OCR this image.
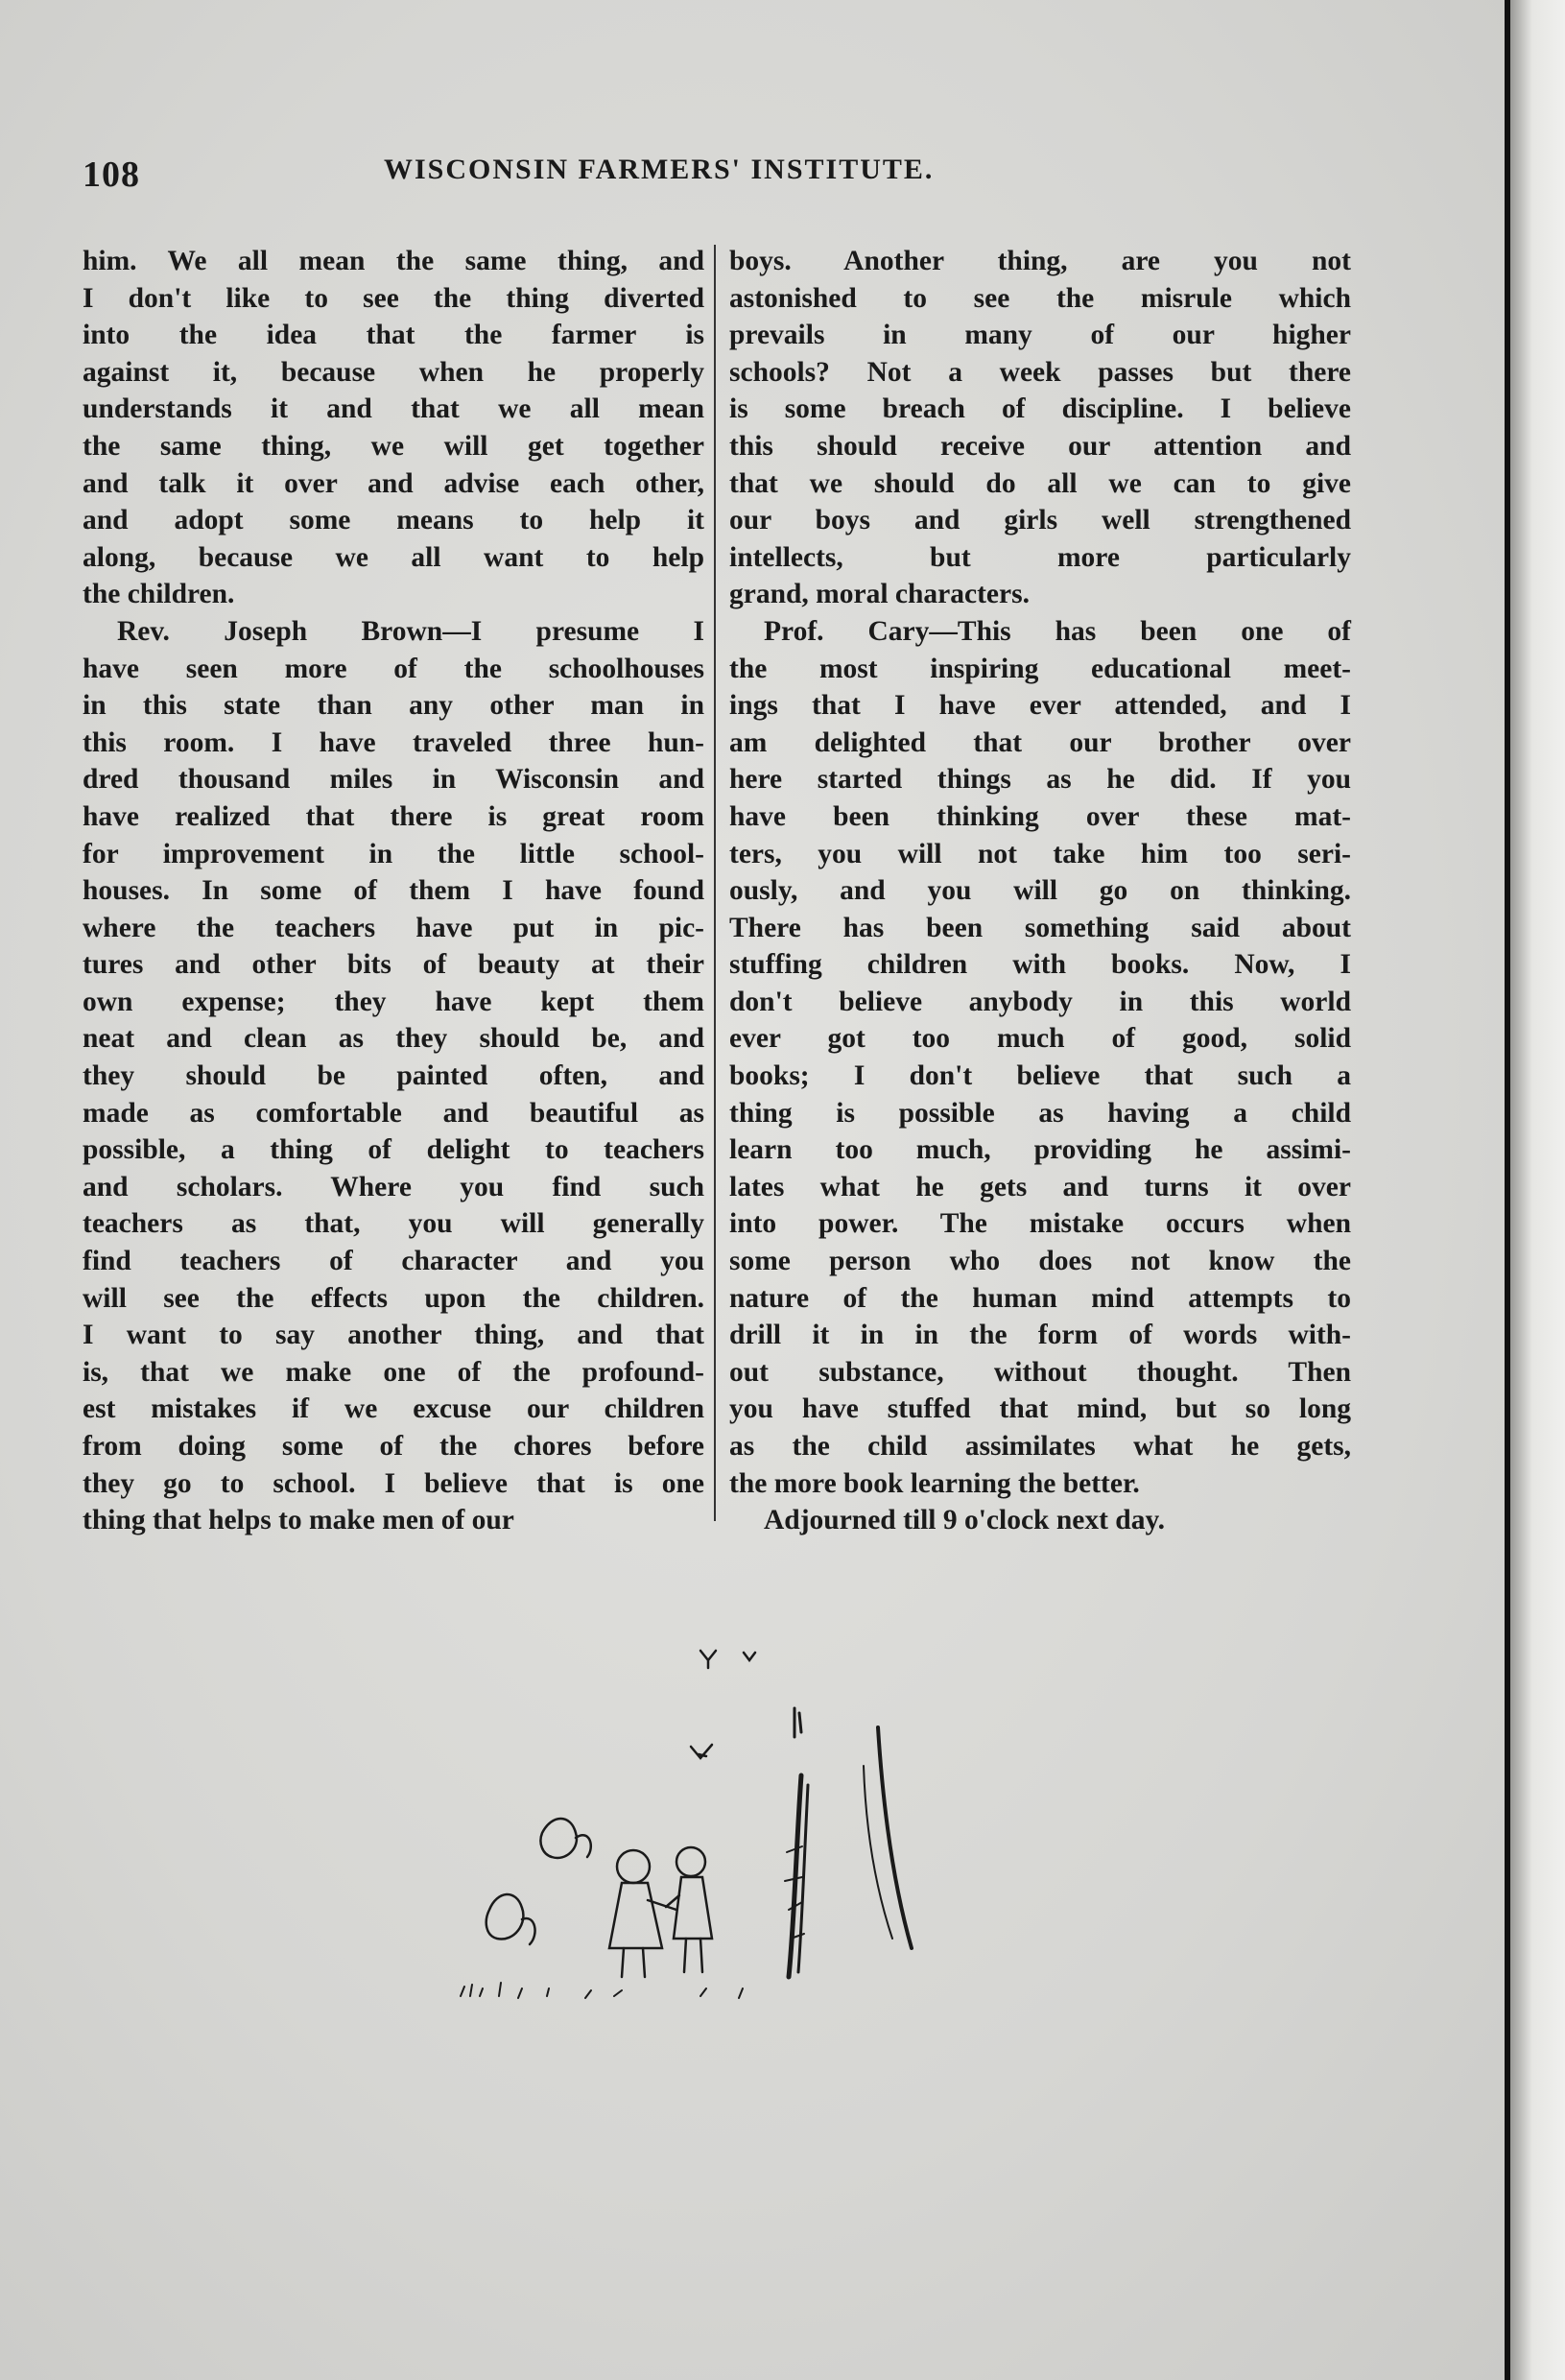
108	WISCONSIN FARMERS' INSTITUTE.
him. We all mean the same thing, and
I don't like to see the thing diverted
into the idea that the farmer is
against it, because when he properly
understands it and that we all mean
the same thing, we will get together
and talk it over and advise each other,
and adopt some means to help it
along, because we all want to help
the children.
Rev. Joseph Brown—I presume I
have seen more of the schoolhouses
in this state than any other man in
this room. I have traveled three hun-
dred thousand miles in Wisconsin and
have realized that there is great room
for improvement in the little school-
houses. In some of them I have found
where the teachers have put in pic-
tures and other bits of beauty at their
own expense; they have kept them
neat and clean as they should be, and
they should be painted often, and
made as comfortable and beautiful as
possible, a thing of delight to teachers
and scholars. Where you find such
teachers as that, you will generally
find teachers of character and you
will see the effects upon the children.
I want to say another thing, and that
is, that we make one of the profound-
est mistakes if we excuse our children
from doing some of the chores before
they go to school. I believe that is one
thing that helps to make men of our
boys. Another thing, are you not
astonished to see the misrule which
prevails in many of our higher
schools? Not a week passes but there
is some breach of discipline. I believe
this should receive our attention and
that we should do all we can to give
our boys and girls well strengthened
intellects, but more particularly
grand, moral characters.
Prof. Cary—This has been one of
the most inspiring educational meet-
ings that I have ever attended, and I
am delighted that our brother over
here started things as he did. If you
have been thinking over these mat-
ters, you will not take him too seri-
ously, and you will go on thinking.
There has been something said about
stuffing children with books. Now, I
don't believe anybody in this world
ever got too much of good, solid
books; I don't believe that such a
thing is possible as having a child
learn too much, providing he assimi-
lates what he gets and turns it over
into power. The mistake occurs when
some person who does not know the
nature of the human mind attempts to
drill it in in the form of words with-
out substance, without thought. Then
you have stuffed that mind, but so long
as the child assimilates what he gets,
the more book learning the better.
Adjourned till 9 o'clock next day.
